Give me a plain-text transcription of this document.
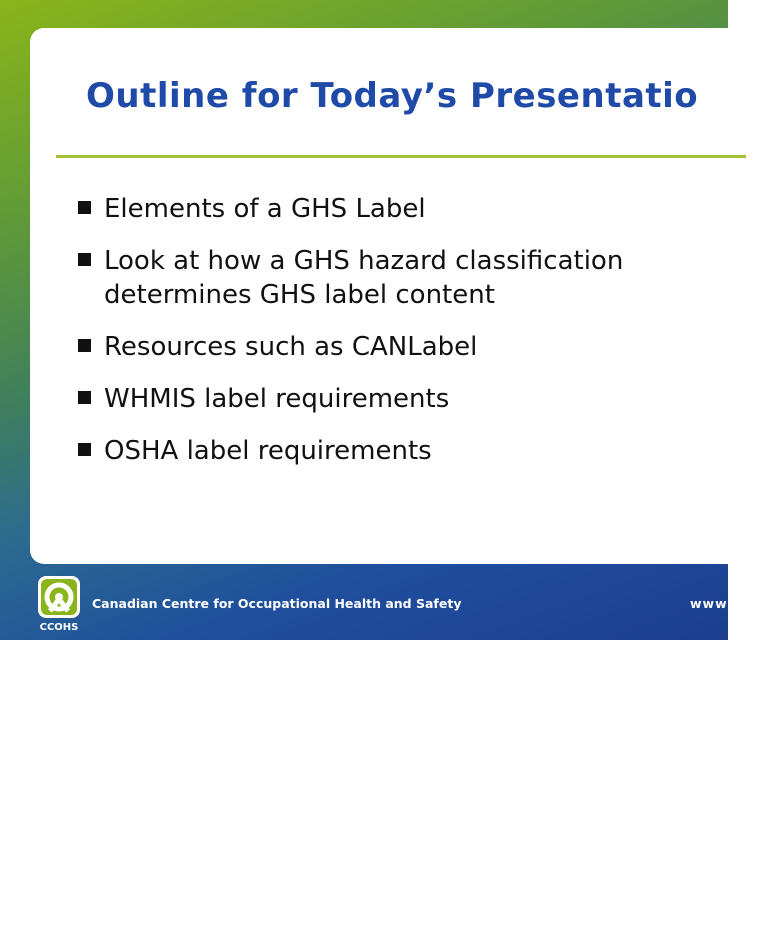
Outline for Today’s Presentatio
Elements of a GHS Label
Look at how a GHS hazard classification determines GHS label content
Resources such as CANLabel
WHMIS label requirements
OSHA label requirements
CCOHS
Canadian Centre for Occupational Health and Safety	www.
